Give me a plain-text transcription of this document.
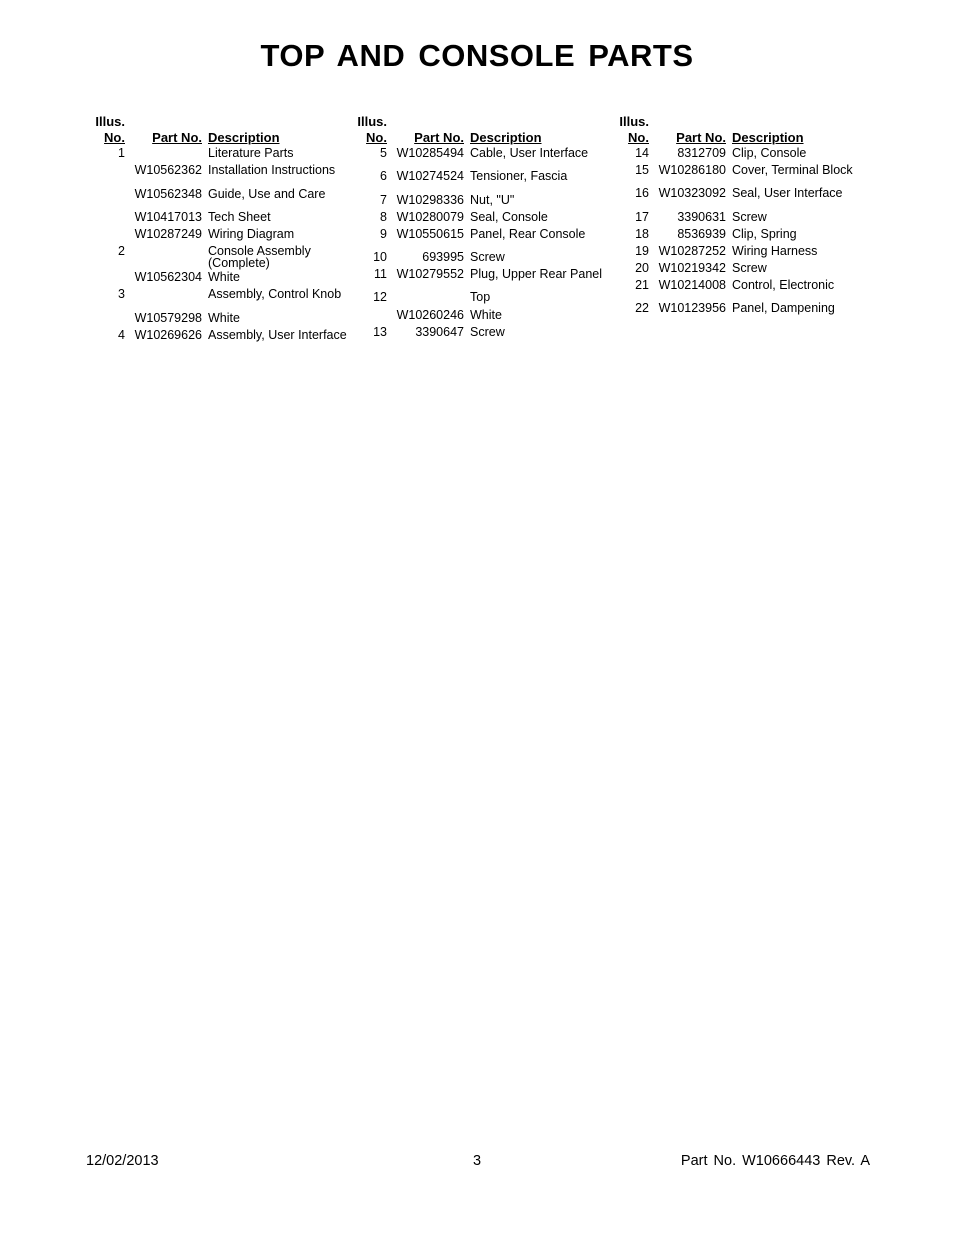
TOP AND CONSOLE PARTS
Illus.
No.	Part No. Description
1	Literature Parts
W10562362 Installation Instructions
W10562348 Guide, Use and Care
W10417013 Tech Sheet
W10287249 Wiring Diagram
2	Console Assembly (Complete)
W10562304 White
3	Assembly, Control Knob
W10579298 White
4 W10269626 Assembly, User Interface
Illus.
No.	Part No. Description
5 W10285494 Cable, User Interface
6 W10274524 Tensioner, Fascia
7 W10298336 Nut, "U"
8 W10280079 Seal, Console
9 W10550615 Panel, Rear Console
10	693995 Screw
11 W10279552 Plug, Upper Rear Panel
12	Top
W10260246 White
13	3390647 Screw
Illus.
No.	Part No. Description
14	8312709 Clip, Console
15 W10286180 Cover, Terminal Block
16 W10323092 Seal, User Interface
17	3390631 Screw
18	8536939 Clip, Spring
19 W10287252 Wiring Harness
20 W10219342 Screw
21 W10214008 Control, Electronic
22 W10123956 Panel, Dampening
12/02/2013	3	Part No. W10666443 Rev. A
